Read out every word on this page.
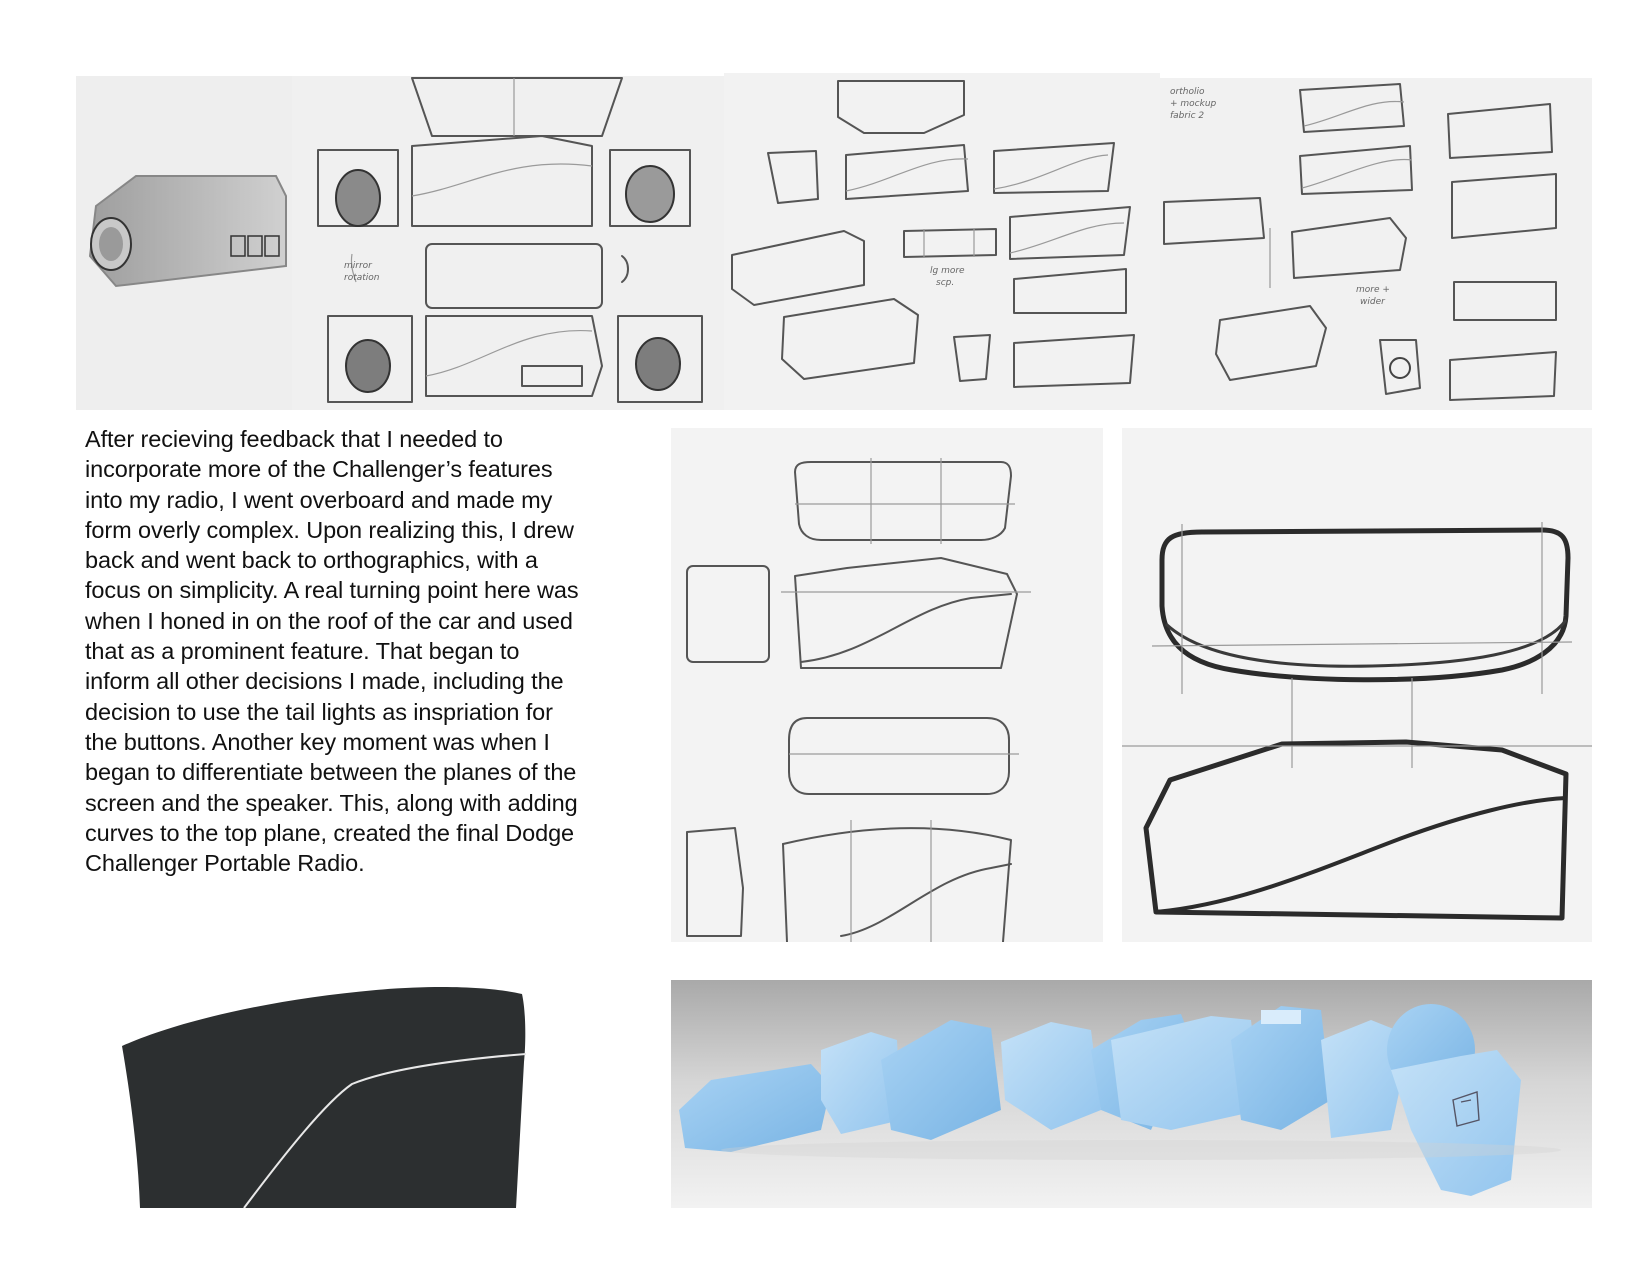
mirror
rotation
lg more
scp.
ortholio
+ mockup
fabric 2
more +
wider

After recieving feedback that I needed to incorporate more of the Challenger’s features into my radio, I went overboard and made my form overly complex. Upon realizing this, I drew back and went back to orthographics, with a focus on simplicity. A real turning point here was when I honed in on the roof of the car and used that as a prominent feature. That began to inform all other decisions I made, including the decision to use the tail lights as inspriation for the buttons. Another key moment was when I began to differentiate between the planes of the screen and the speaker. This, along with adding curves to the top plane, created the final Dodge Challenger Portable Radio.
